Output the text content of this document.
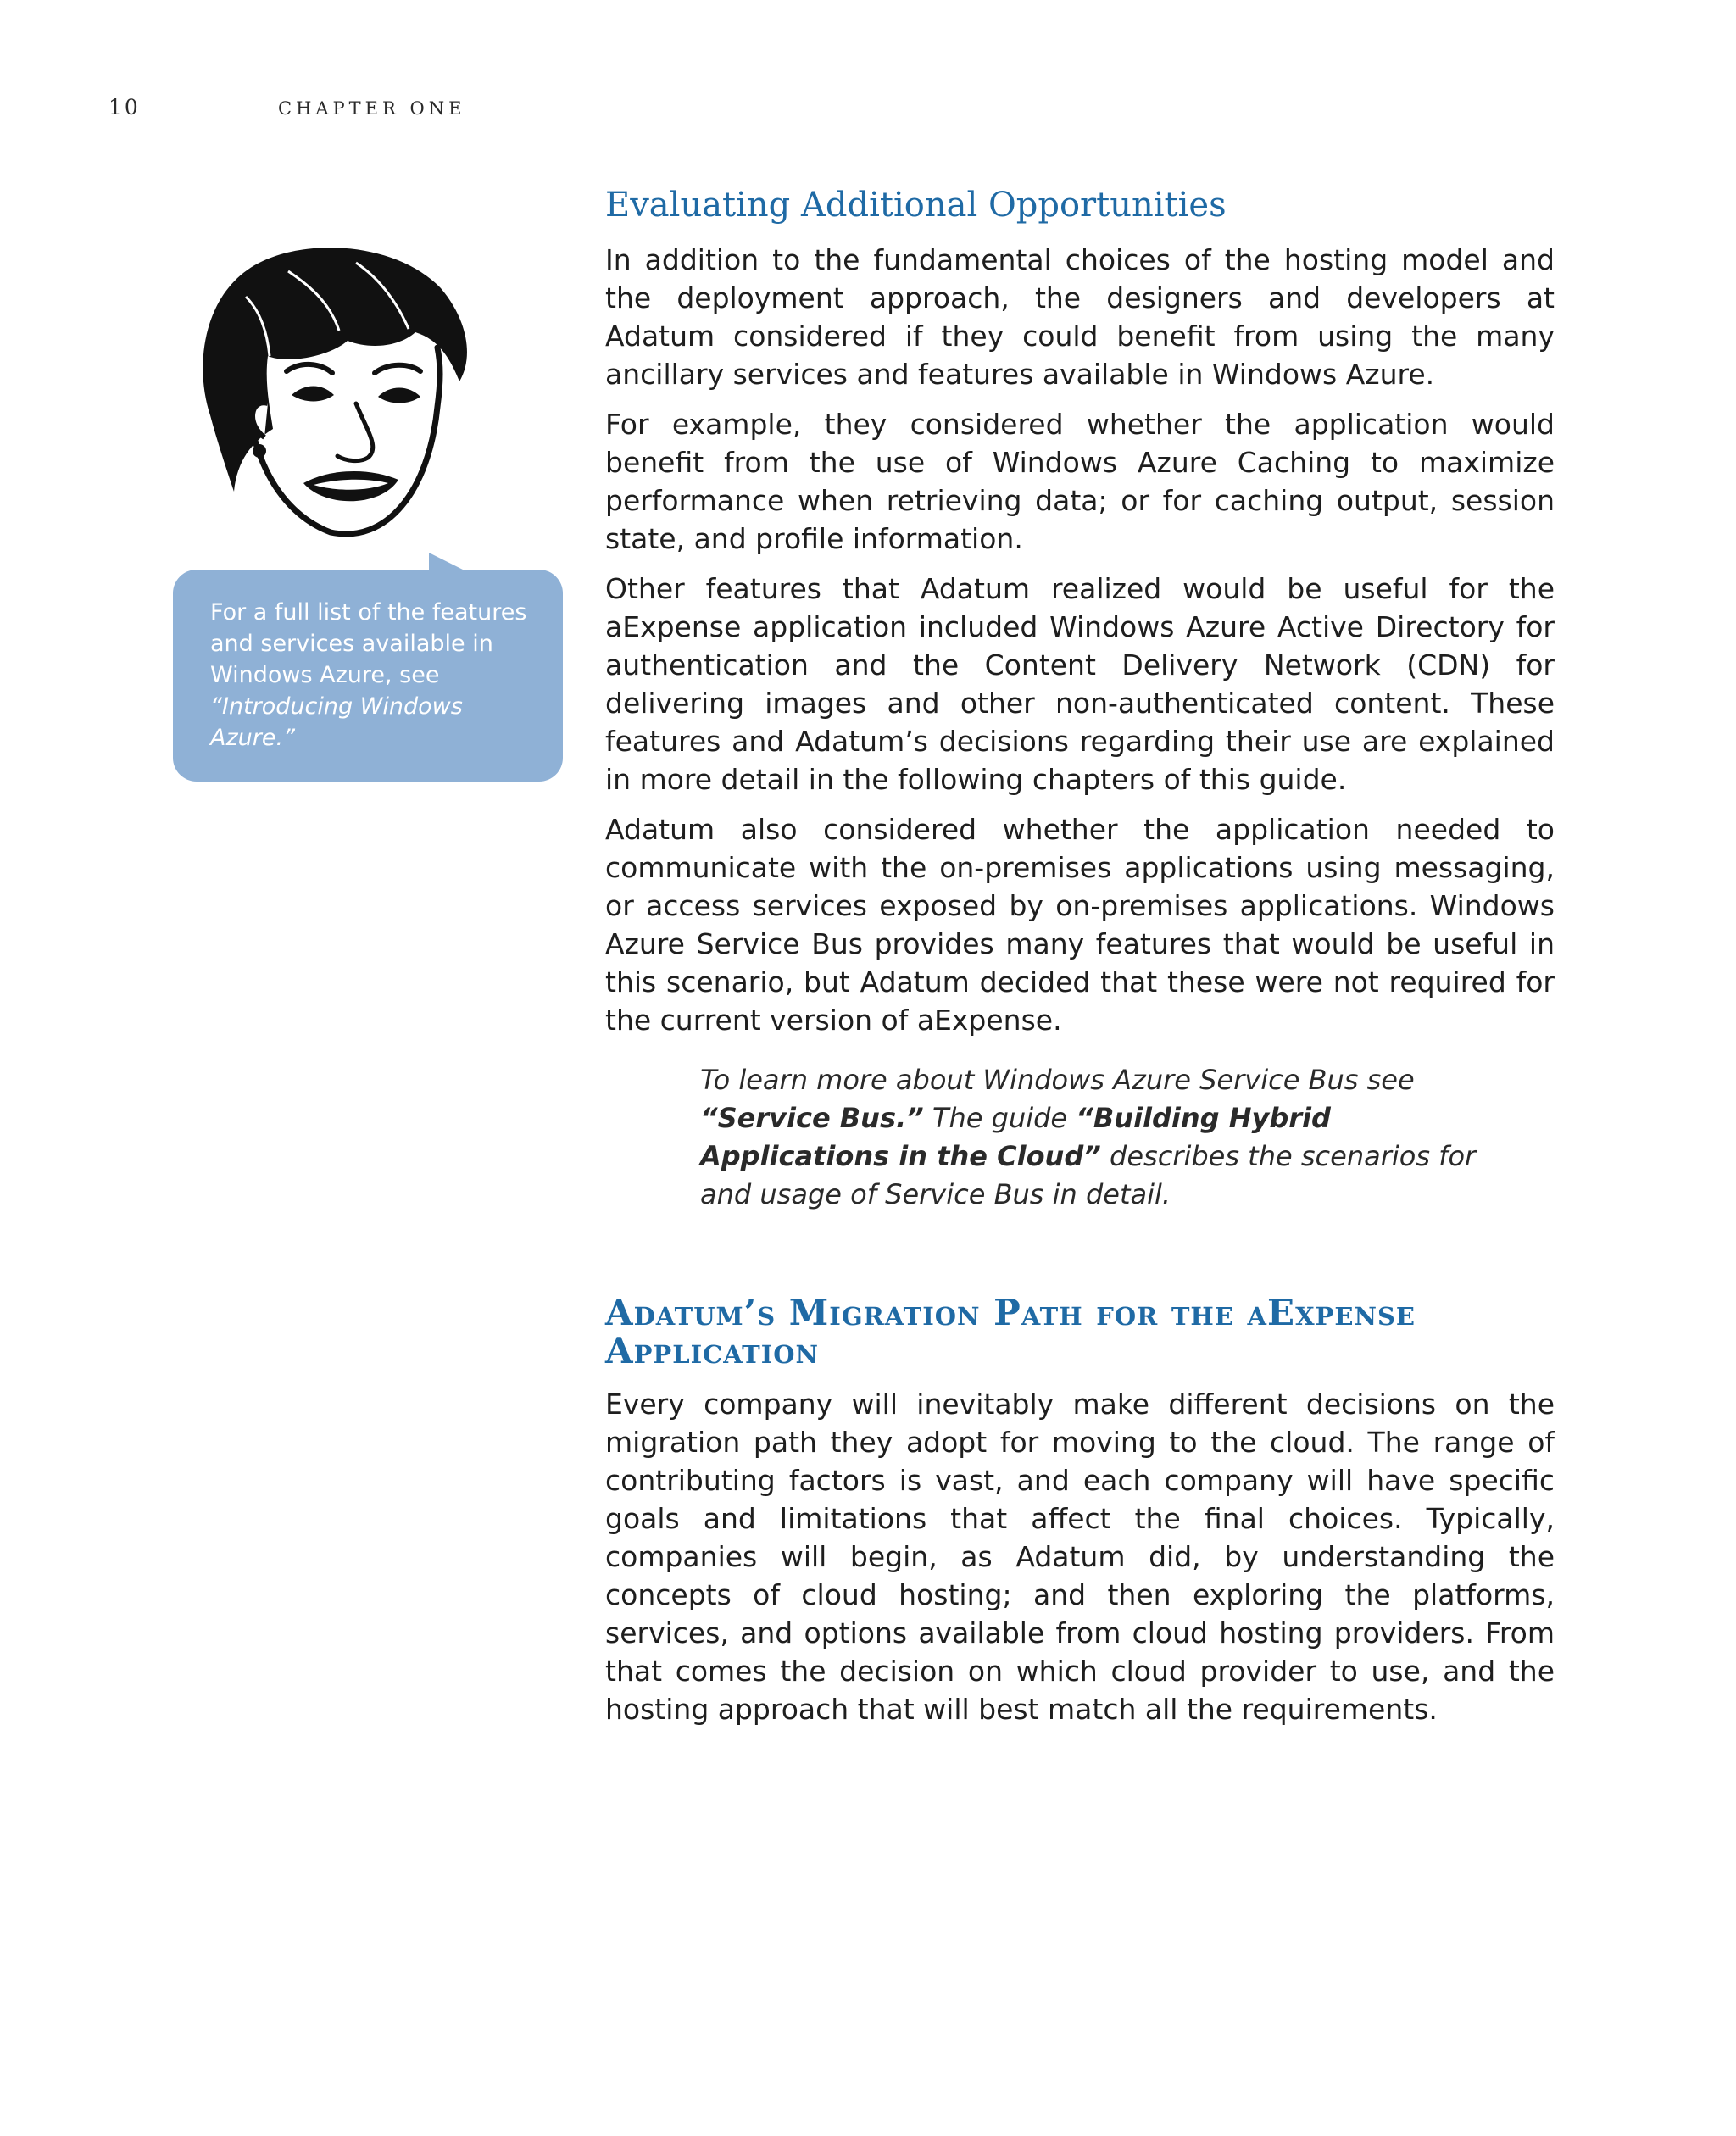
10	CHAPTER ONE

For a full list of the features and services available in Windows Azure, see “Introducing Windows Azure.”

Evaluating Additional Opportunities

In addition to the fundamental choices of the hosting model and the deployment approach, the designers and developers at Adatum considered if they could benefit from using the many ancillary services and features available in Windows Azure.

For example, they considered whether the application would benefit from the use of Windows Azure Caching to maximize performance when retrieving data; or for caching output, session state, and profile information.

Other features that Adatum realized would be useful for the aExpense application included Windows Azure Active Directory for authentication and the Content Delivery Network (CDN) for delivering images and other non-authenticated content. These features and Adatum’s decisions regarding their use are explained in more detail in the following chapters of this guide.

Adatum also considered whether the application needed to communicate with the on-premises applications using messaging, or access services exposed by on-premises applications. Windows Azure Service Bus provides many features that would be useful in this scenario, but Adatum decided that these were not required for the current version of aExpense.

To learn more about Windows Azure Service Bus see “Service Bus.” The guide “Building Hybrid Applications in the Cloud” describes the scenarios for and usage of Service Bus in detail.
Adatum’s Migration Path for the aExpense Application

Every company will inevitably make different decisions on the migration path they adopt for moving to the cloud. The range of contributing factors is vast, and each company will have specific goals and limitations that affect the final choices. Typically, companies will begin, as Adatum did, by understanding the concepts of cloud hosting; and then exploring the platforms, services, and options available from cloud hosting providers. From that comes the decision on which cloud provider to use, and the hosting approach that will best match all the requirements.
